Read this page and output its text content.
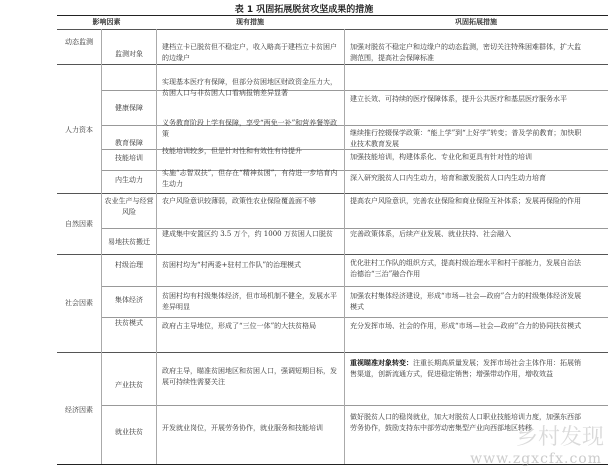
表 1 巩固拓展脱贫攻坚成果的措施
影响因素	现有措施	巩固拓展措施
动态监测
人力资本
自然因素
社会因素
经济因素
监测对象
健康保障
教育保障
技能培训
内生动力
农业生产与经营风险
易地扶贫搬迁
村级治理
集体经济
扶贫模式
产业扶贫
就业扶贫
建档立卡已脱贫但不稳定户，收入略高于建档立卡贫困户的边缘户
实现基本医疗有保障，但部分贫困地区财政资金压力大，贫困人口与非贫困人口看病报销差异显著
义务教育阶段上学有保障，享受“两免一补”和营养餐等政策
技能培训较多，但是针对性和有效性有待提升
实施“志智双扶”，但存在“精神贫困”，有待进一步培育内生动力
农户风险意识较薄弱，政策性农业保险覆盖面不够
建成集中安置区约 3.5 万个，约 1000 万贫困人口脱贫
贫困村均为“村两委+驻村工作队”的治理模式
贫困村均有村级集体经济，但市场机制不健全，发展水平差异明显
政府占主导地位，形成了“三位一体”的大扶贫格局
政府主导，瞄准贫困地区和贫困人口，强调短期目标，发展可持续性需要关注
开发就业岗位，开展劳务协作，就业服务和技能培训
加强对脱贫不稳定户和边缘户的动态监测，密切关注特殊困难群体，扩大监测范围，提高社会保障标准
建立长效、可持续的医疗保障体系，提升公共医疗和基层医疗服务水平
继续推行控辍保学政策：“能上学”到“上好学”转变；普及学前教育；加快职业技术教育发展
加强技能培训，构建体系化、专业化和更具有针对性的培训
深入研究脱贫人口内生动力，培育和激发脱贫人口内生动力培育
提高农户风险意识，完善农业保险和商业保险互补体系；发展再保险的作用
完善政策体系，后续产业发展、就业扶持、社会融入
优化驻村工作队的组织方式，提高村级治理水平和村干部能力，发展自治法治德治“三治”融合作用
加强农村集体经济建设，形成“市场—社会—政府”合力的村级集体经济发展模式
充分发挥市场、社会的作用，形成“市场—社会—政府”合力的协同扶贫模式
重视瞄准对象转变：注重长期高质量发展；发挥市场社会主体作用：拓展销售渠道，创新流通方式，促进稳定销售；增强带动作用，增收效益
做好脱贫人口的稳岗就业，加大对脱贫人口职业技能培训力度，加强东西部劳务协作，鼓励支持东中部劳动密集型产业向西部地区转移
乡村发现
www.zgxcfx.com
